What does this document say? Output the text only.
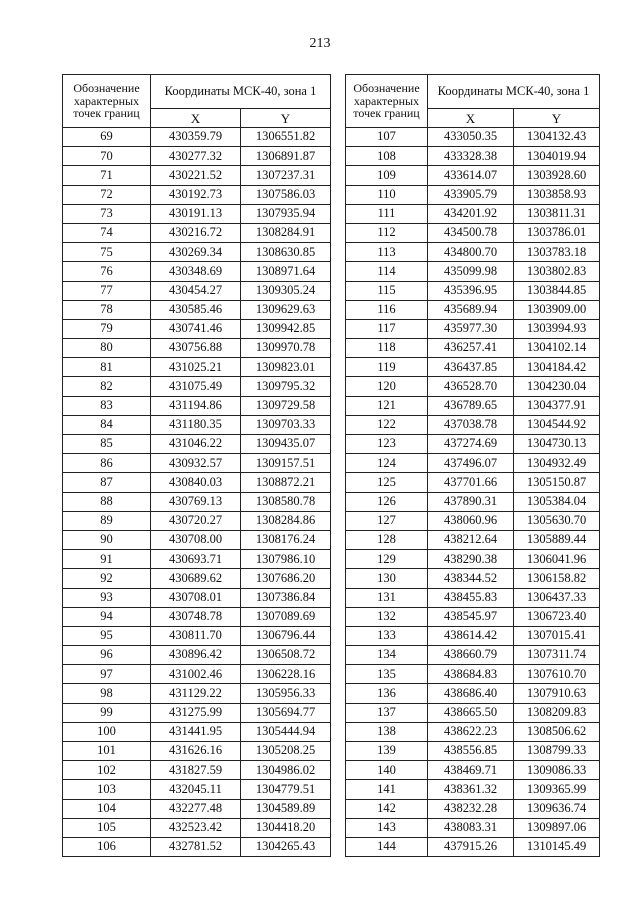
213
Обозначение
характерных
точек границ	Координаты МСК-40, зона 1	
	X	Y
69	430359.79	1306551.82
70	430277.32	1306891.87
71	430221.52	1307237.31
72	430192.73	1307586.03
73	430191.13	1307935.94
74	430216.72	1308284.91
75	430269.34	1308630.85
76	430348.69	1308971.64
77	430454.27	1309305.24
78	430585.46	1309629.63
79	430741.46	1309942.85
80	430756.88	1309970.78
81	431025.21	1309823.01
82	431075.49	1309795.32
83	431194.86	1309729.58
84	431180.35	1309703.33
85	431046.22	1309435.07
86	430932.57	1309157.51
87	430840.03	1308872.21
88	430769.13	1308580.78
89	430720.27	1308284.86
90	430708.00	1308176.24
91	430693.71	1307986.10
92	430689.62	1307686.20
93	430708.01	1307386.84
94	430748.78	1307089.69
95	430811.70	1306796.44
96	430896.42	1306508.72
97	431002.46	1306228.16
98	431129.22	1305956.33
99	431275.99	1305694.77
100	431441.95	1305444.94
101	431626.16	1305208.25
102	431827.59	1304986.02
103	432045.11	1304779.51
104	432277.48	1304589.89
105	432523.42	1304418.20
106	432781.52	1304265.43
Обозначение
характерных
точек границ	Координаты МСК-40, зона 1	
	X	Y
107	433050.35	1304132.43
108	433328.38	1304019.94
109	433614.07	1303928.60
110	433905.79	1303858.93
111	434201.92	1303811.31
112	434500.78	1303786.01
113	434800.70	1303783.18
114	435099.98	1303802.83
115	435396.95	1303844.85
116	435689.94	1303909.00
117	435977.30	1303994.93
118	436257.41	1304102.14
119	436437.85	1304184.42
120	436528.70	1304230.04
121	436789.65	1304377.91
122	437038.78	1304544.92
123	437274.69	1304730.13
124	437496.07	1304932.49
125	437701.66	1305150.87
126	437890.31	1305384.04
127	438060.96	1305630.70
128	438212.64	1305889.44
129	438290.38	1306041.96
130	438344.52	1306158.82
131	438455.83	1306437.33
132	438545.97	1306723.40
133	438614.42	1307015.41
134	438660.79	1307311.74
135	438684.83	1307610.70
136	438686.40	1307910.63
137	438665.50	1308209.83
138	438622.23	1308506.62
139	438556.85	1308799.33
140	438469.71	1309086.33
141	438361.32	1309365.99
142	438232.28	1309636.74
143	438083.31	1309897.06
144	437915.26	1310145.49
